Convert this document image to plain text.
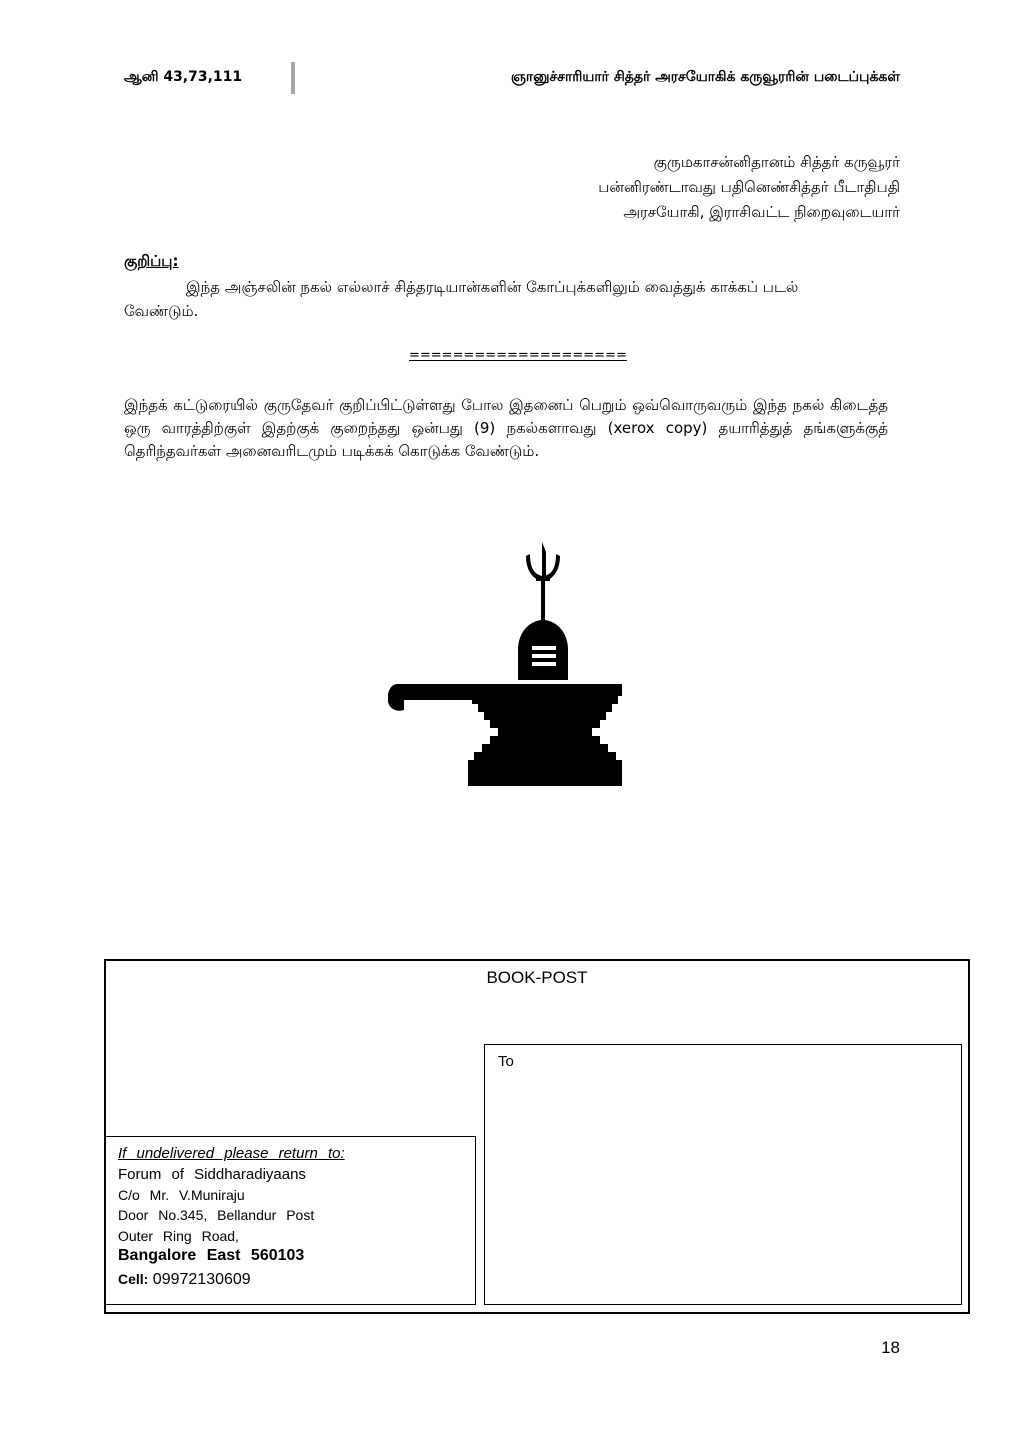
ஆனி 43,73,111	ஞானுச்சாரியார் சித்தர் அரசயோகிக் கருவூரரின் படைப்புக்கள்
குருமகாசன்னிதானம் சித்தர் கருவூரர்
பன்னிரண்டாவது பதினெண்சித்தர் பீடாதிபதி
அரசயோகி, இராசிவட்ட நிறைவுடையார்
குறிப்பு:
இந்த அஞ்சலின் நகல் எல்லாச் சித்தரடியான்களின் கோப்புக்களிலும் வைத்துக் காக்கப் படல் வேண்டும்.
====================
இந்தக் கட்டுரையில் குருதேவர் குறிப்பிட்டுள்ளது போல இதனைப் பெறும் ஒவ்வொருவரும் இந்த நகல் கிடைத்த ஒரு வாரத்திற்குள் இதற்குக் குறைந்தது ஒன்பது (9) நகல்களாவது (xerox copy) தயாரித்துத் தங்களுக்குத் தெரிந்தவர்கள் அனைவரிடமும் படிக்கக் கொடுக்க வேண்டும்.
BOOK-POST
To
If undelivered please return to:
Forum of Siddharadiyaans
C/o Mr. V.Muniraju
Door No.345, Bellandur Post
Outer Ring Road,
Bangalore East 560103
Cell: 09972130609
18
